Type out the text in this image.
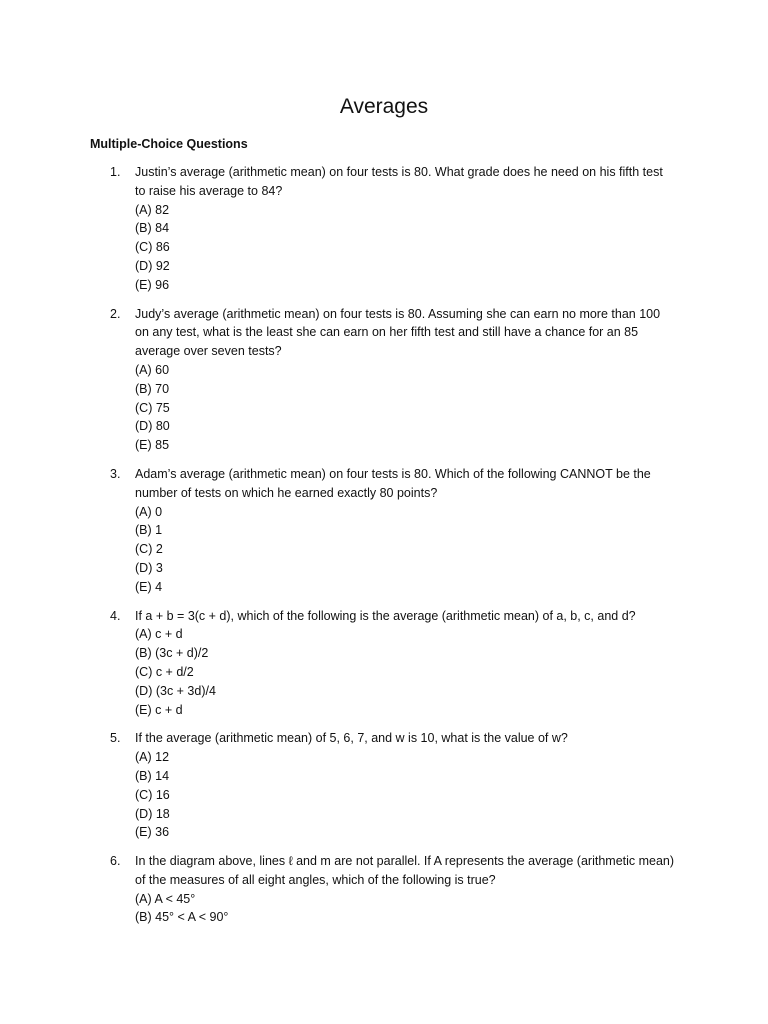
Averages
Multiple-Choice Questions
1. Justin’s average (arithmetic mean) on four tests is 80. What grade does he need on his fifth test to raise his average to 84?
(A) 82
(B) 84
(C) 86
(D) 92
(E) 96
2. Judy’s average (arithmetic mean) on four tests is 80. Assuming she can earn no more than 100 on any test, what is the least she can earn on her fifth test and still have a chance for an 85 average over seven tests?
(A) 60
(B) 70
(C) 75
(D) 80
(E) 85
3. Adam’s average (arithmetic mean) on four tests is 80. Which of the following CANNOT be the number of tests on which he earned exactly 80 points?
(A) 0
(B) 1
(C) 2
(D) 3
(E) 4
4. If a + b = 3(c + d), which of the following is the average (arithmetic mean) of a, b, c, and d?
(A) c + d
(B) (3c + d)/2
(C) c + d/2
(D) (3c + 3d)/4
(E) c + d
5. If the average (arithmetic mean) of 5, 6, 7, and w is 10, what is the value of w?
(A) 12
(B) 14
(C) 16
(D) 18
(E) 36
6. In the diagram above, lines ℓ and m are not parallel. If A represents the average (arithmetic mean) of the measures of all eight angles, which of the following is true?
(A) A < 45°
(B) 45° < A < 90°
